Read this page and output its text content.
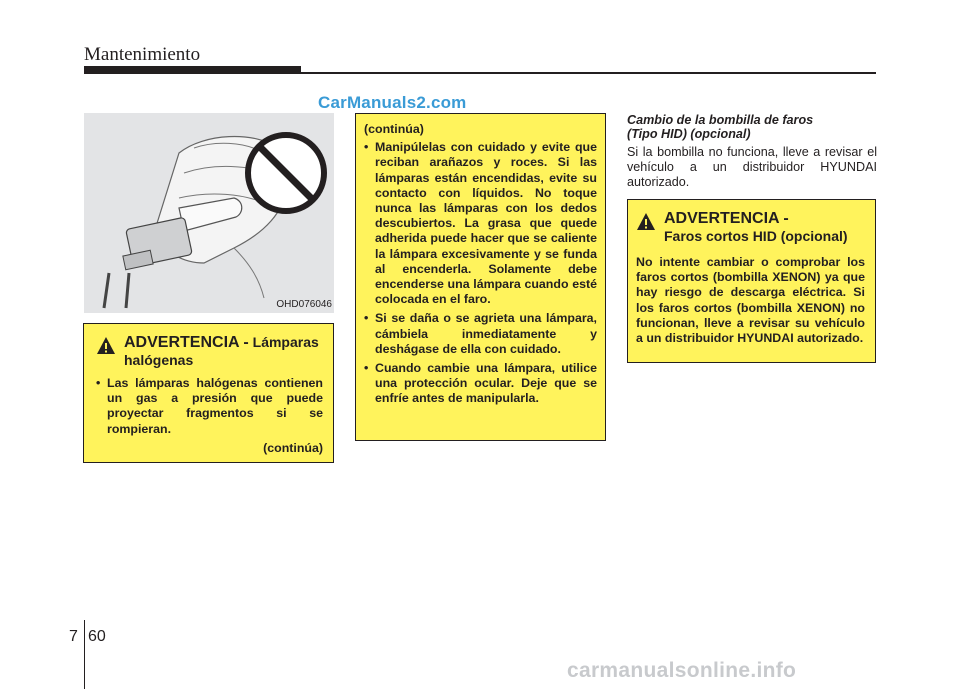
Mantenimiento
CarManuals2.com
OHD076046
ADVERTENCIA - Lámparas
halógenas
• Las lámparas halógenas contienen un gas a presión que puede proyectar fragmentos si se rompieran.
(continúa)
(continúa)
• Manipúlelas con cuidado y evite que reciban arañazos y roces. Si las lámparas están encendidas, evite su contacto con líquidos. No toque nunca las lámparas con los dedos descubiertos. La grasa que quede adherida puede hacer que se caliente la lámpara excesivamente y se funda al encenderla. Solamente debe encenderse una lámpara cuando esté colocada en el faro.
• Si se daña o se agrieta una lámpara, cámbiela inmediatamente y deshágase de ella con cuidado.
• Cuando cambie una lámpara, utilice una protección ocular. Deje que se enfríe antes de manipularla.
Cambio de la bombilla de faros
(Tipo HID) (opcional)
Si la bombilla no funciona, lleve a revisar el vehículo a un distribuidor HYUNDAI autorizado.
ADVERTENCIA -
Faros cortos HID (opcional)
No intente cambiar o comprobar los faros cortos (bombilla XENON) ya que hay riesgo de descarga eléctrica. Si los faros cortos (bombilla XENON) no funcionan, lleve a revisar su vehículo a un distribuidor HYUNDAI autorizado.
7 60
carmanualsonline.info
